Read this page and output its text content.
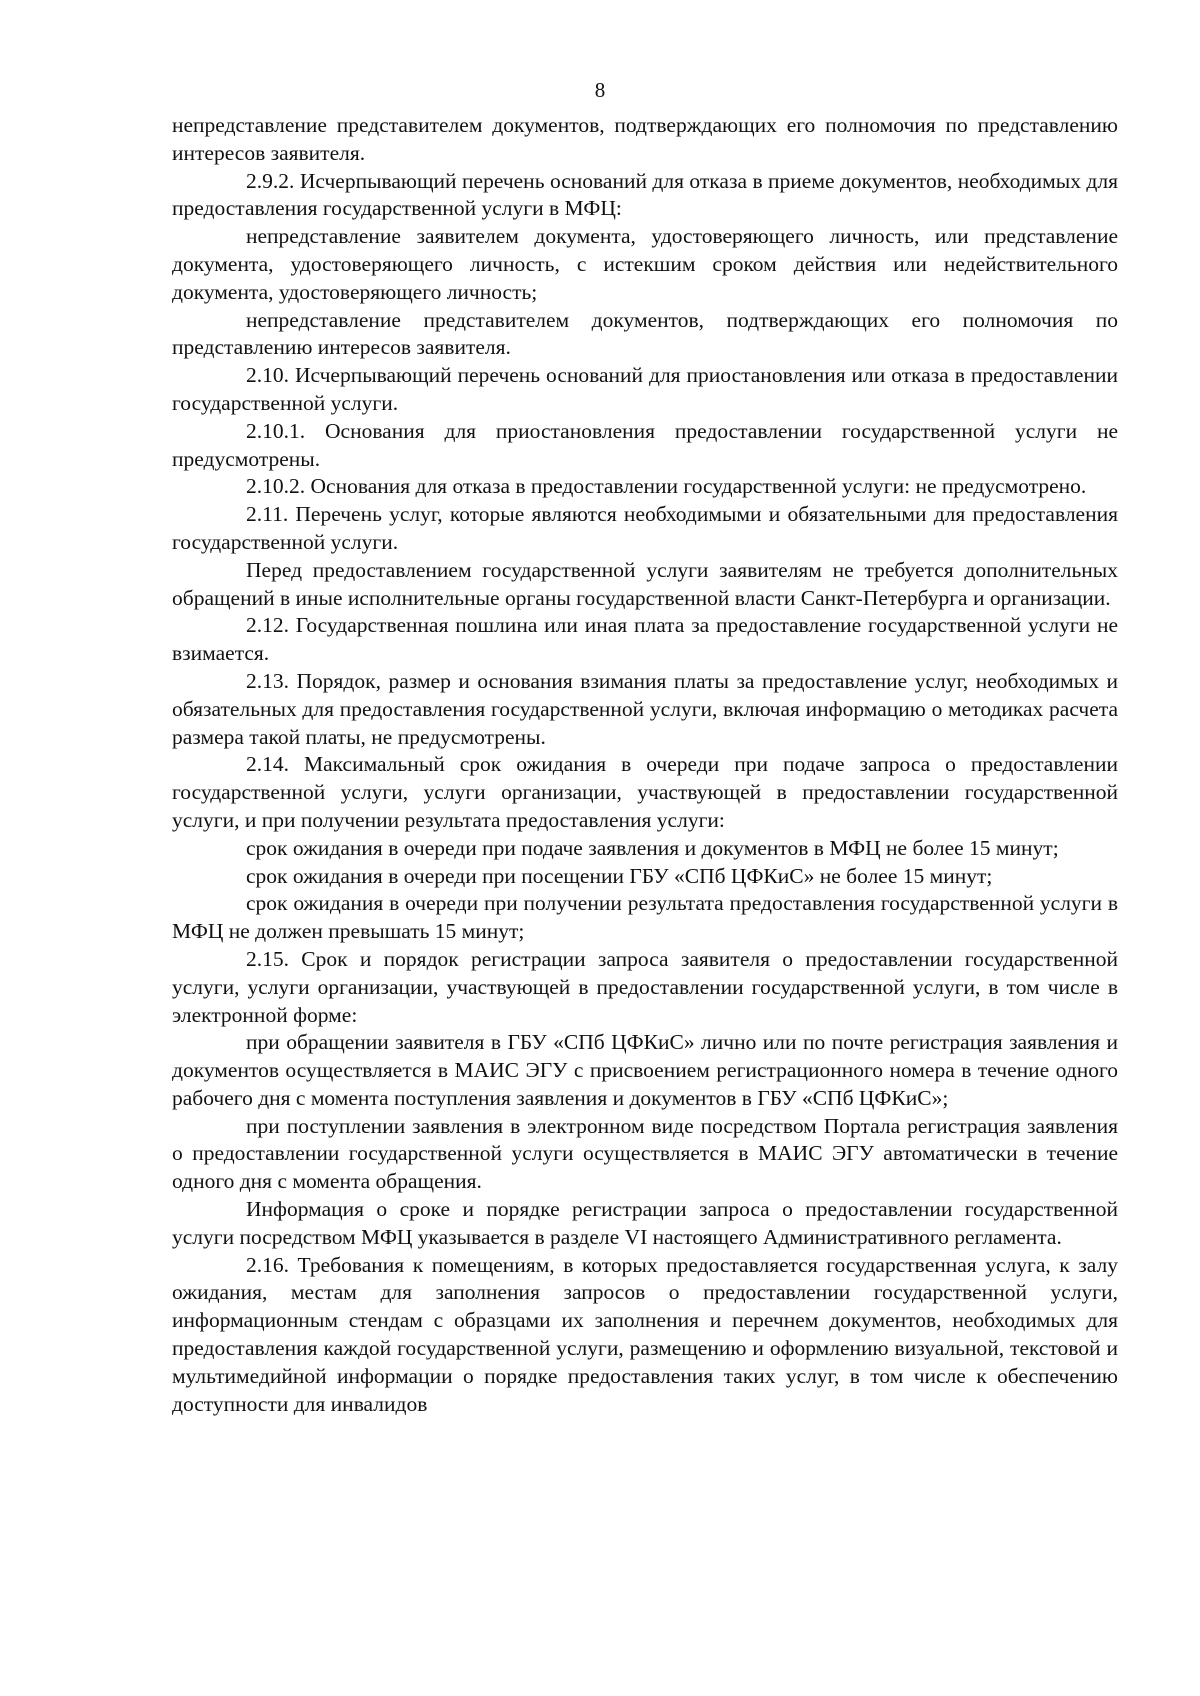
8

непредставление представителем документов, подтверждающих его полномочия по представлению интересов заявителя.

2.9.2. Исчерпывающий перечень оснований для отказа в приеме документов, необходимых для предоставления государственной услуги в МФЦ:

непредставление заявителем документа, удостоверяющего личность, или представление документа, удостоверяющего личность, с истекшим сроком действия или недействительного документа, удостоверяющего личность;

непредставление представителем документов, подтверждающих его полномочия по представлению интересов заявителя.

2.10. Исчерпывающий перечень оснований для приостановления или отказа в предоставлении государственной услуги.

2.10.1. Основания для приостановления предоставлении государственной услуги не предусмотрены.

2.10.2. Основания для отказа в предоставлении государственной услуги: не предусмотрено.

2.11. Перечень услуг, которые являются необходимыми и обязательными для предоставления государственной услуги.

Перед предоставлением государственной услуги заявителям не требуется дополнительных обращений в иные исполнительные органы государственной власти Санкт-Петербурга и организации.

2.12. Государственная пошлина или иная плата за предоставление государственной услуги не взимается.

2.13. Порядок, размер и основания взимания платы за предоставление услуг, необходимых и обязательных для предоставления государственной услуги, включая информацию о методиках расчета размера такой платы, не предусмотрены.

2.14. Максимальный срок ожидания в очереди при подаче запроса о предоставлении государственной услуги, услуги организации, участвующей в предоставлении государственной услуги, и при получении результата предоставления услуги:

срок ожидания в очереди при подаче заявления и документов в МФЦ не более 15 минут;

срок ожидания в очереди при посещении ГБУ «СПб ЦФКиС» не более 15 минут;

срок ожидания в очереди при получении результата предоставления государственной услуги в МФЦ не должен превышать 15 минут;

2.15. Срок и порядок регистрации запроса заявителя о предоставлении государственной услуги, услуги организации, участвующей в предоставлении государственной услуги, в том числе в электронной форме:

при обращении заявителя в ГБУ «СПб ЦФКиС» лично или по почте регистрация заявления и документов осуществляется в МАИС ЭГУ с присвоением регистрационного номера в течение одного рабочего дня с момента поступления заявления и документов в ГБУ «СПб ЦФКиС»;

при поступлении заявления в электронном виде посредством Портала регистрация заявления о предоставлении государственной услуги осуществляется в МАИС ЭГУ автоматически в течение одного дня с момента обращения.

Информация о сроке и порядке регистрации запроса о предоставлении государственной услуги посредством МФЦ указывается в разделе VI настоящего Административного регламента.

2.16. Требования к помещениям, в которых предоставляется государственная услуга, к залу ожидания, местам для заполнения запросов о предоставлении государственной услуги, информационным стендам с образцами их заполнения и перечнем документов, необходимых для предоставления каждой государственной услуги, размещению и оформлению визуальной, текстовой и мультимедийной информации о порядке предоставления таких услуг, в том числе к обеспечению доступности для инвалидов
